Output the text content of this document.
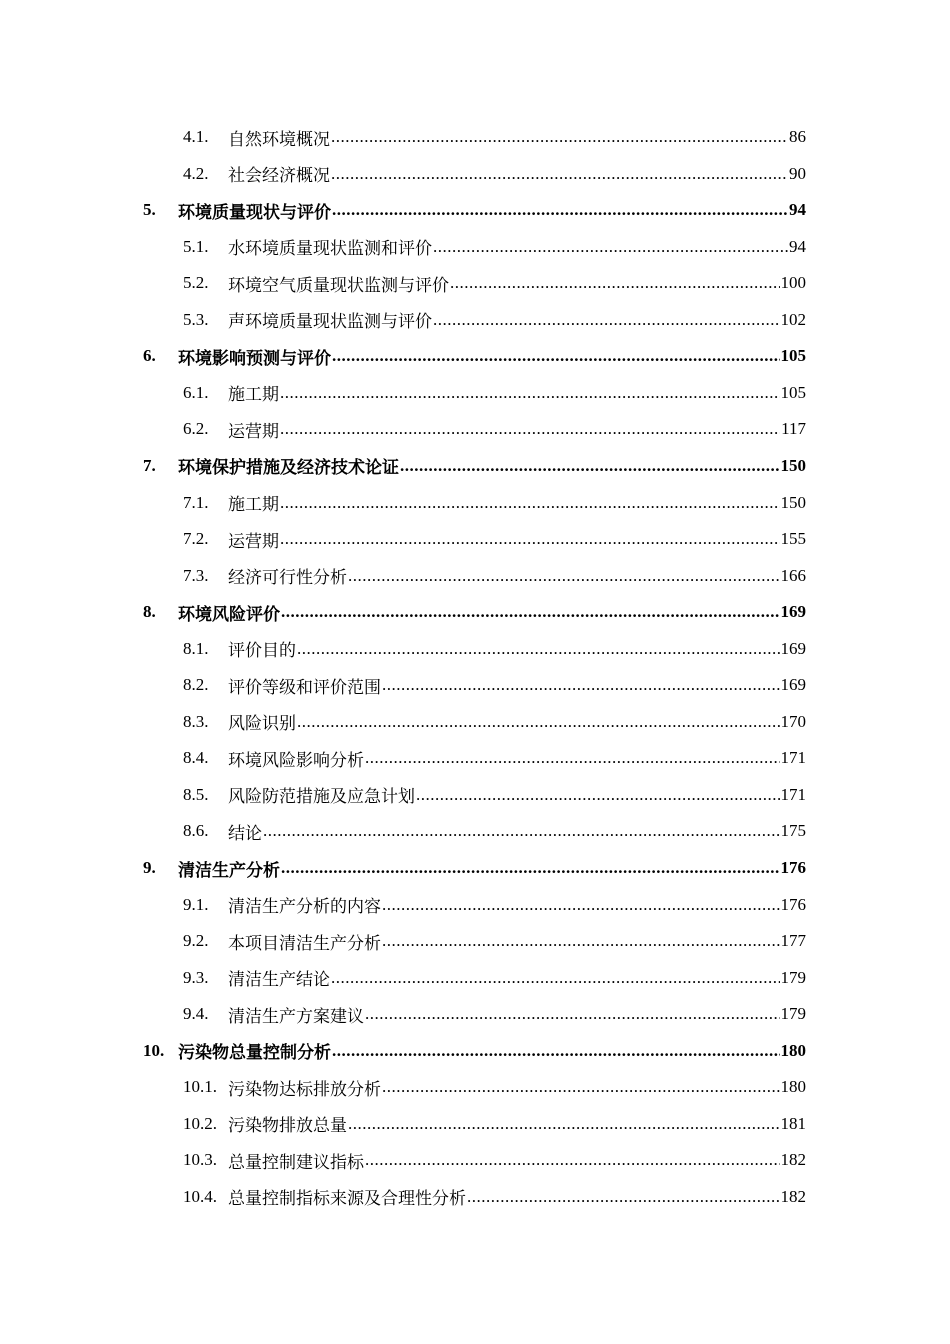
4.1.	自然环境概况 .....	86
4.2.	社会经济概况 .....	90
5.	环境质量现状与评价 .....	94
5.1.	水环境质量现状监测和评价 .....	94
5.2.	环境空气质量现状监测与评价 .....	100
5.3.	声环境质量现状监测与评价 .....	102
6.	环境影响预测与评价 .....	105
6.1.	施工期 .....	105
6.2.	运营期 .....	117
7.	环境保护措施及经济技术论证 .....	150
7.1.	施工期 .....	150
7.2.	运营期 .....	155
7.3.	经济可行性分析 .....	166
8.	环境风险评价 .....	169
8.1.	评价目的 .....	169
8.2.	评价等级和评价范围 .....	169
8.3.	风险识别 .....	170
8.4.	环境风险影响分析 .....	171
8.5.	风险防范措施及应急计划 .....	171
8.6.	结论 .....	175
9.	清洁生产分析 .....	176
9.1.	清洁生产分析的内容 .....	176
9.2.	本项目清洁生产分析 .....	177
9.3.	清洁生产结论 .....	179
9.4.	清洁生产方案建议 .....	179
10. 污染物总量控制分析 .....	180
10.1. 污染物达标排放分析 .....	180
10.2. 污染物排放总量 .....	181
10.3. 总量控制建议指标 .....	182
10.4. 总量控制指标来源及合理性分析 .....	182
